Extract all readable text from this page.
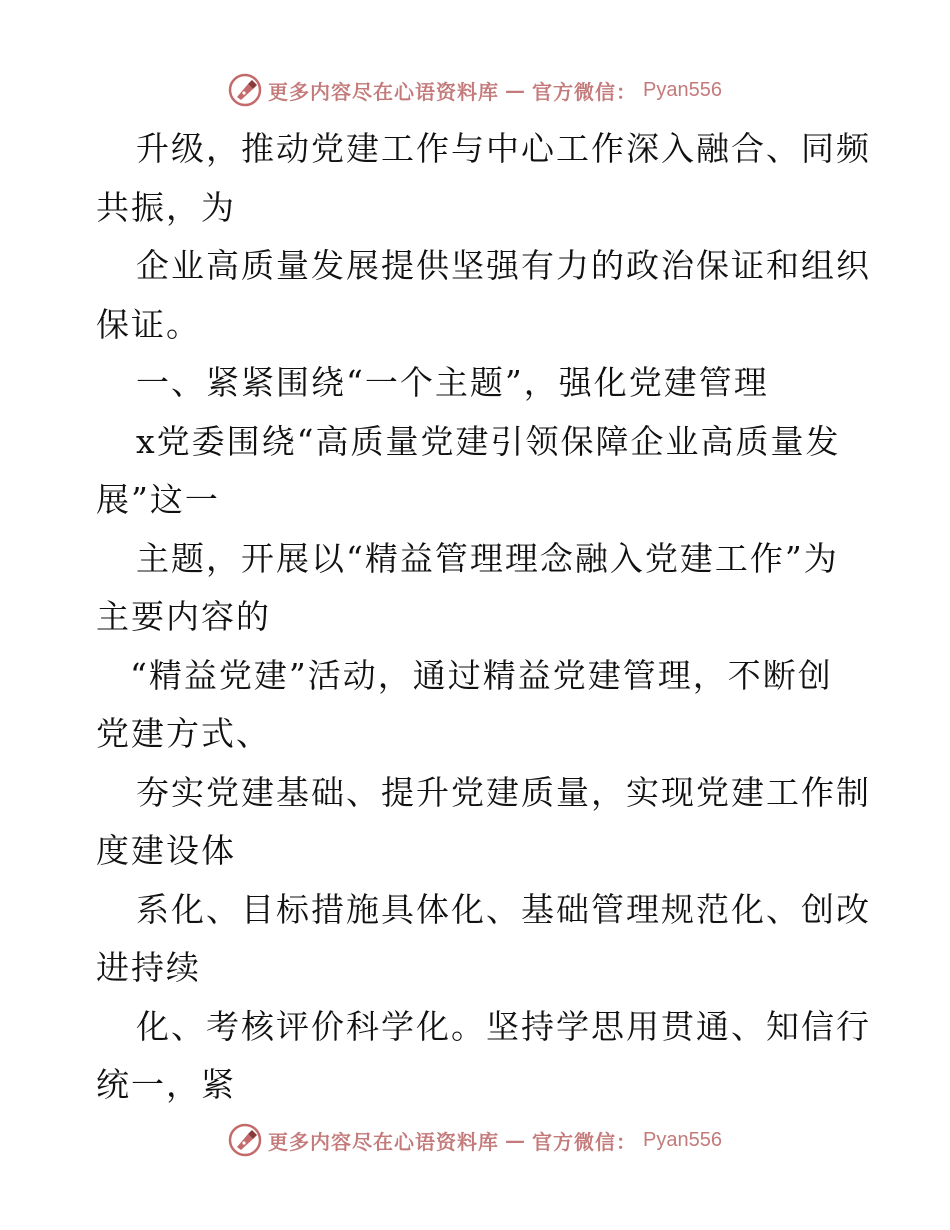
更多内容尽在心语资料库 — 官方微信： Pyan556
升级，推动党建工作与中心工作深入融合、同频
共振，为
企业高质量发展提供坚强有力的政治保证和组织
保证。
一、紧紧围绕“一个主题”，强化党建管理
x党委围绕“高质量党建引领保障企业高质量发
展”这一
主题，开展以“精益管理理念融入党建工作”为
主要内容的
“精益党建”活动，通过精益党建管理，不断创
党建方式、
夯实党建基础、提升党建质量，实现党建工作制
度建设体
系化、目标措施具体化、基础管理规范化、创改
进持续
化、考核评价科学化。坚持学思用贯通、知信行
统一，紧
更多内容尽在心语资料库 — 官方微信： Pyan556
